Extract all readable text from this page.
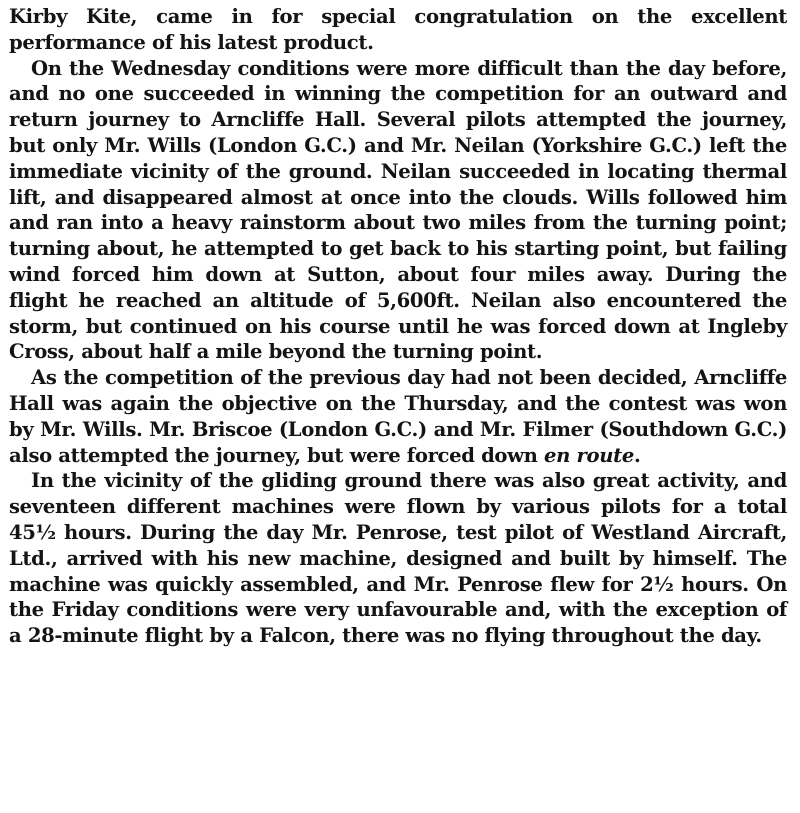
Kirby Kite, came in for special congratulation on the excellent performance of his latest product.

On the Wednesday conditions were more difficult than the day before, and no one succeeded in winning the competition for an outward and return journey to Arncliffe Hall. Several pilots attempted the journey, but only Mr. Wills (London G.C.) and Mr. Neilan (Yorkshire G.C.) left the immediate vicinity of the ground. Neilan succeeded in locating thermal lift, and disappeared almost at once into the clouds. Wills followed him and ran into a heavy rainstorm about two miles from the turning point; turning about, he attempted to get back to his starting point, but failing wind forced him down at Sutton, about four miles away. During the flight he reached an altitude of 5,600ft. Neilan also encountered the storm, but continued on his course until he was forced down at Ingleby Cross, about half a mile beyond the turning point.

As the competition of the previous day had not been decided, Arncliffe Hall was again the objective on the Thursday, and the contest was won by Mr. Wills. Mr. Briscoe (London G.C.) and Mr. Filmer (Southdown G.C.) also attempted the journey, but were forced down en route.

In the vicinity of the gliding ground there was also great activity, and seventeen different machines were flown by various pilots for a total 45½ hours. During the day Mr. Penrose, test pilot of Westland Aircraft, Ltd., arrived with his new machine, designed and built by himself. The machine was quickly assembled, and Mr. Penrose flew for 2½ hours. On the Friday conditions were very unfavourable and, with the exception of a 28-minute flight by a Falcon, there was no flying throughout the day.
